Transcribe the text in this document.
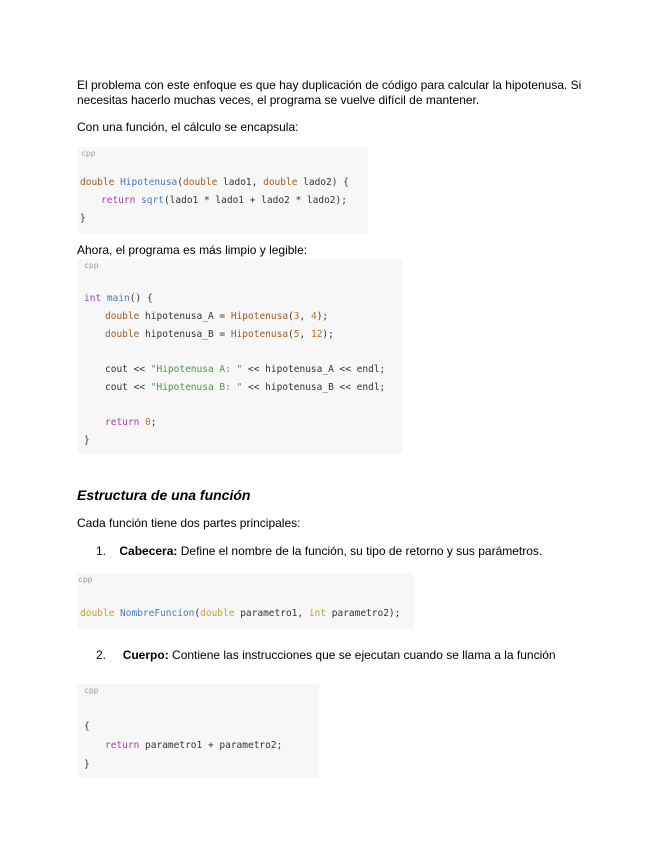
El problema con este enfoque es que hay duplicación de código para calcular la hipotenusa. Si necesitas hacerlo muchas veces, el programa se vuelve difícil de mantener.

Con una función, el cálculo se encapsula:

cpp
double Hipotenusa(double lado1, double lado2) {
return sqrt(lado1 * lado1 + lado2 * lado2);
}

Ahora, el programa es más limpio y legible:

cpp
int main() {
double hipotenusa_A = Hipotenusa(3, 4);
double hipotenusa_B = Hipotenusa(5, 12);
cout << "Hipotenusa A: " << hipotenusa_A << endl;
cout << "Hipotenusa B: " << hipotenusa_B << endl;
return 0;
}
Estructura de una función

Cada función tiene dos partes principales:

1. Cabecera: Define el nombre de la función, su tipo de retorno y sus parámetros.
cpp
double NombreFuncion(double parametro1, int parametro2);
2. Cuerpo: Contiene las instrucciones que se ejecutan cuando se llama a la función
cpp
{
return parametro1 + parametro2;
}
